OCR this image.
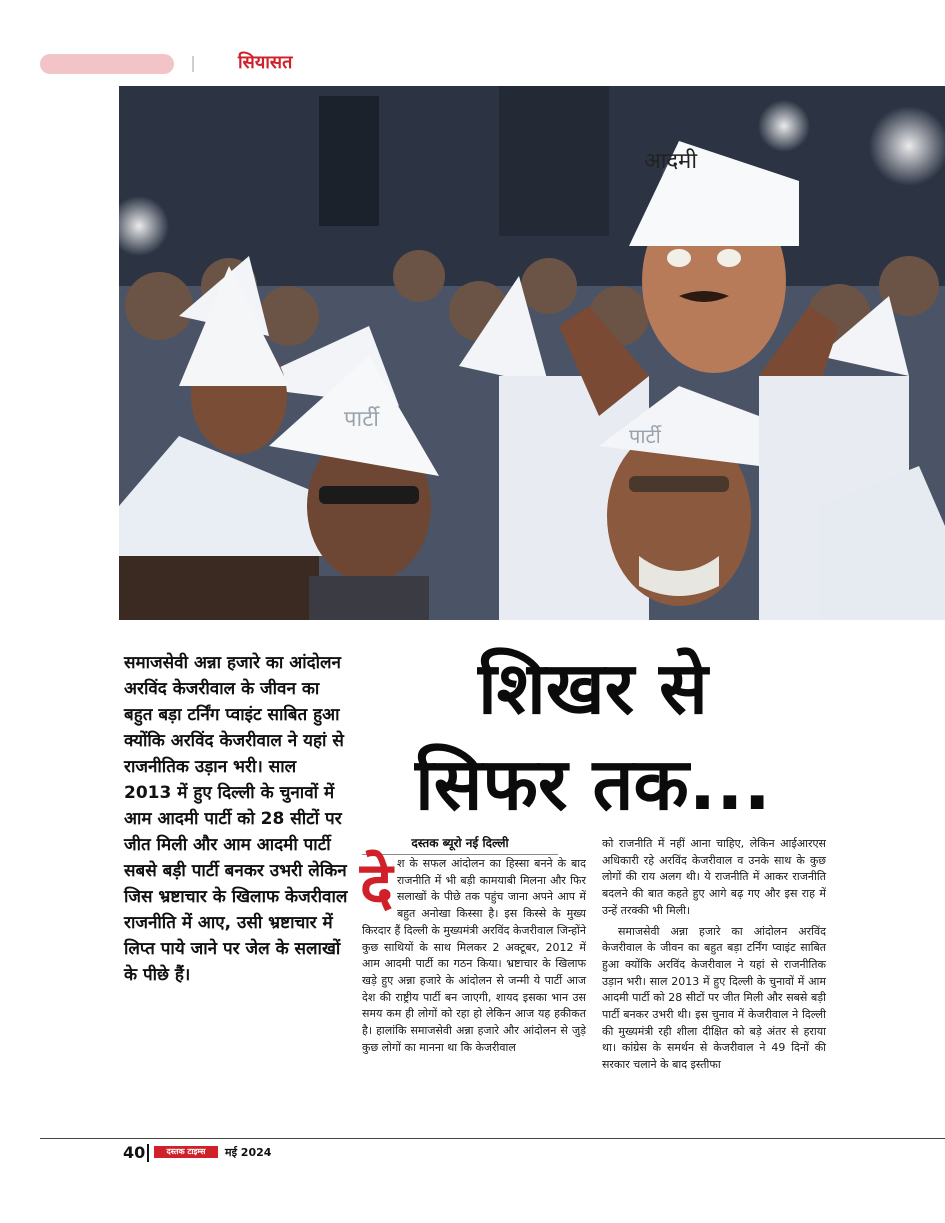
सियासत
पार्टी
आदमी
पार्टी
समाजसेवी अन्ना हजारे का आंदोलन अरविंद केजरीवाल के जीवन का बहुत बड़ा टर्निंग प्वाइंट साबित हुआ क्योंकि अरविंद केजरीवाल ने यहां से राजनीतिक उड़ान भरी। साल 2013 में हुए दिल्ली के चुनावों में आम आदमी पार्टी को 28 सीटों पर जीत मिली और आम आदमी पार्टी सबसे बड़ी पार्टी बनकर उभरी लेकिन जिस भ्रष्टाचार के खिलाफ केजरीवाल राजनीति में आए, उसी भ्रष्टाचार में लिप्त पाये जाने पर जेल के सलाखों के पीछे हैं।
शिखर से
सिफर तक...
दस्तक ब्यूरो नई दिल्ली
दे श के सफल आंदोलन का हिस्सा बनने के बाद राजनीति में भी बड़ी कामयाबी मिलना और फिर सलाखों के पीछे तक पहुंच जाना अपने आप में बहुत अनोखा किस्सा है। इस किस्से के मुख्य किरदार हैं दिल्ली के मुख्यमंत्री अरविंद केजरीवाल जिन्होंने कुछ साथियों के साथ मिलकर 2 अक्टूबर, 2012 में आम आदमी पार्टी का गठन किया। भ्रष्टाचार के खिलाफ खड़े हुए अन्ना हजारे के आंदोलन से जन्मी ये पार्टी आज देश की राष्ट्रीय पार्टी बन जाएगी, शायद इसका भान उस समय कम ही लोगों को रहा हो लेकिन आज यह हकीकत है। हालांकि समाजसेवी अन्ना हजारे और आंदोलन से जुड़े कुछ लोगों का मानना था कि केजरीवाल
को राजनीति में नहीं आना चाहिए, लेकिन आईआरएस अधिकारी रहे अरविंद केजरीवाल व उनके साथ के कुछ लोगों की राय अलग थी। ये राजनीति में आकर राजनीति बदलने की बात कहते हुए आगे बढ़ गए और इस राह में उन्हें तरक्की भी मिली।
समाजसेवी अन्ना हजारे का आंदोलन अरविंद केजरीवाल के जीवन का बहुत बड़ा टर्निंग प्वाइंट साबित हुआ क्योंकि अरविंद केजरीवाल ने यहां से राजनीतिक उड़ान भरी। साल 2013 में हुए दिल्ली के चुनावों में आम आदमी पार्टी को 28 सीटों पर जीत मिली और सबसे बड़ी पार्टी बनकर उभरी थी। इस चुनाव में केजरीवाल ने दिल्ली की मुख्यमंत्री रही शीला दीक्षित को बड़े अंतर से हराया था। कांग्रेस के समर्थन से केजरीवाल ने 49 दिनों की सरकार चलाने के बाद इस्तीफा
40	दस्तक टाइम्स	मई 2024
